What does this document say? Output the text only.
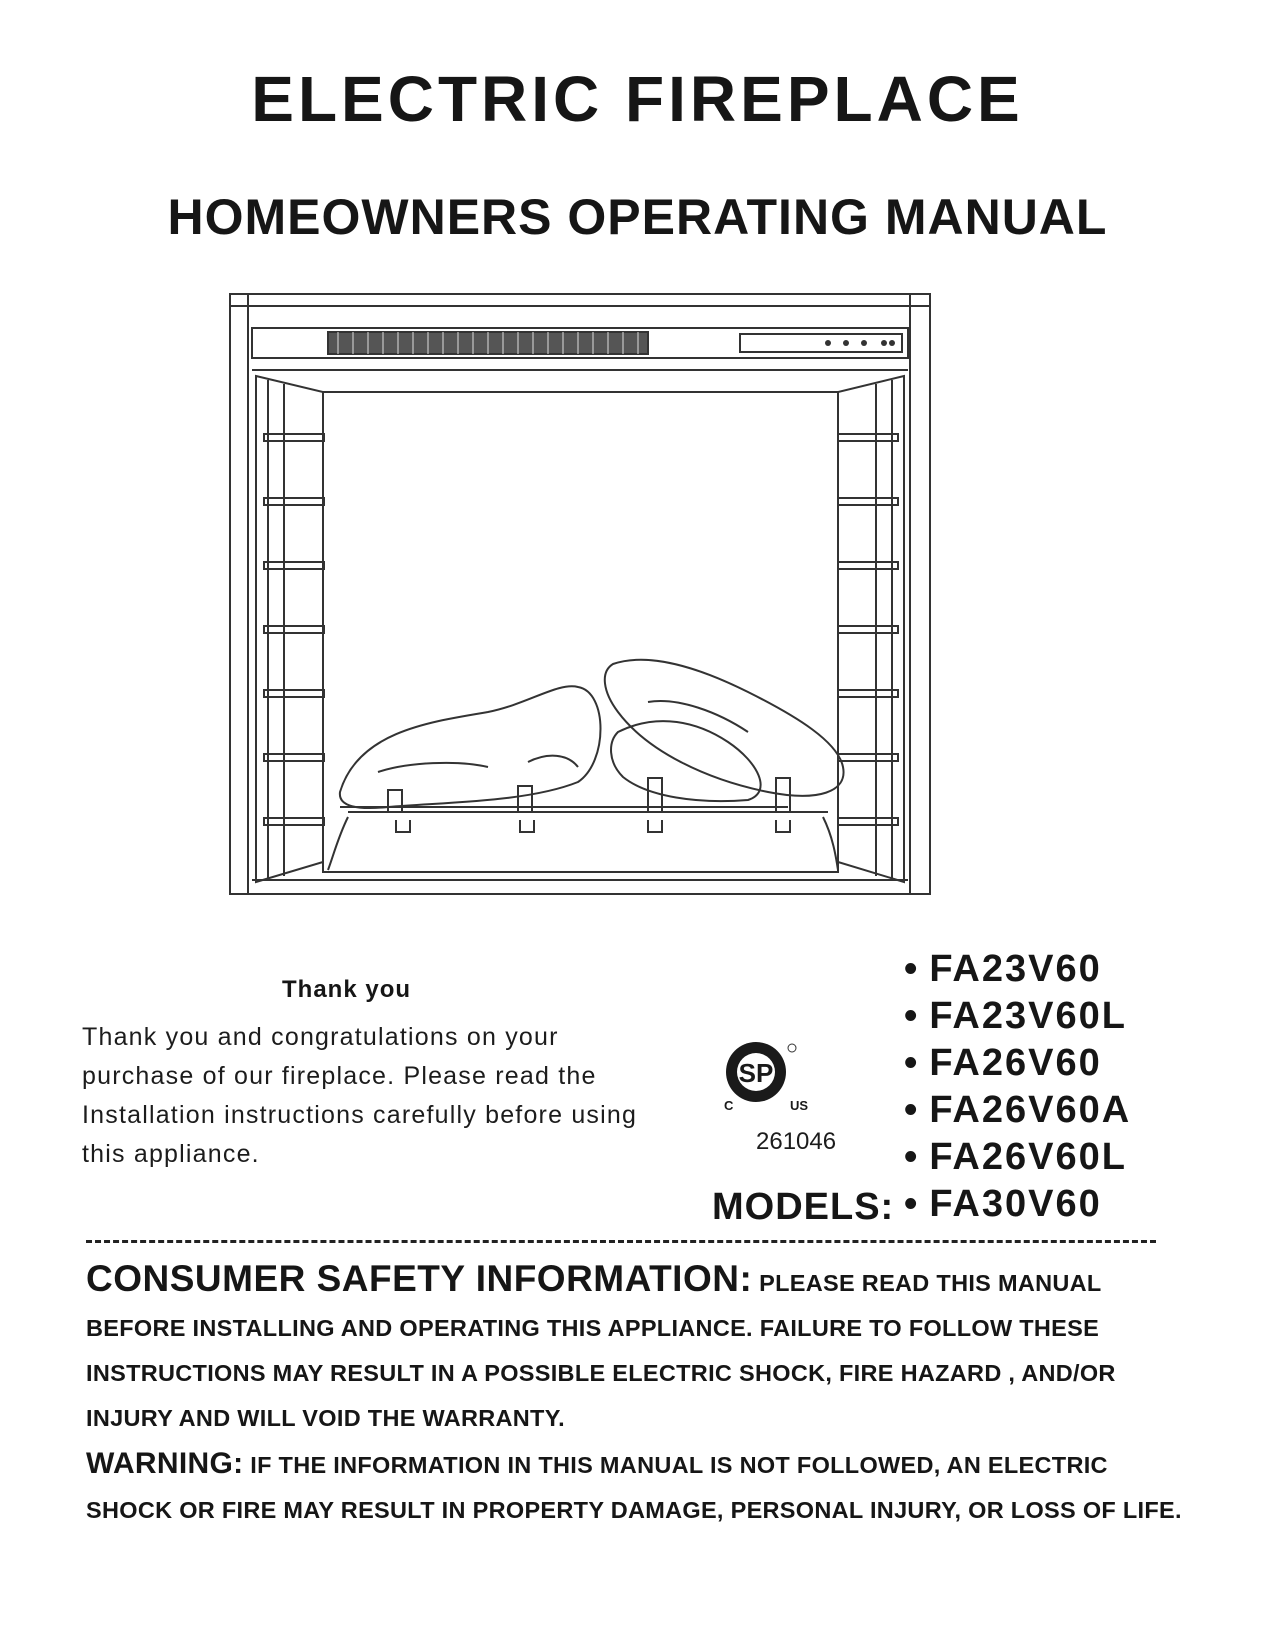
ELECTRIC FIREPLACE
HOMEOWNERS OPERATING MANUAL
Thank you
Thank you and congratulations on your purchase of our fireplace. Please read the Installation instructions carefully before using this appliance.
SP
C	US
261046
• FA23V60
• FA23V60L
• FA26V60
• FA26V60A
• FA26V60L
• FA30V60
MODELS:
CONSUMER SAFETY INFORMATION: PLEASE READ THIS MANUAL BEFORE INSTALLING AND OPERATING THIS APPLIANCE. FAILURE TO FOLLOW THESE INSTRUCTIONS MAY RESULT IN A POSSIBLE ELECTRIC SHOCK, FIRE HAZARD , AND/OR INJURY AND WILL VOID THE WARRANTY.
WARNING: IF THE INFORMATION IN THIS MANUAL IS NOT FOLLOWED, AN ELECTRIC SHOCK OR FIRE MAY RESULT IN PROPERTY DAMAGE, PERSONAL INJURY, OR LOSS OF LIFE.
